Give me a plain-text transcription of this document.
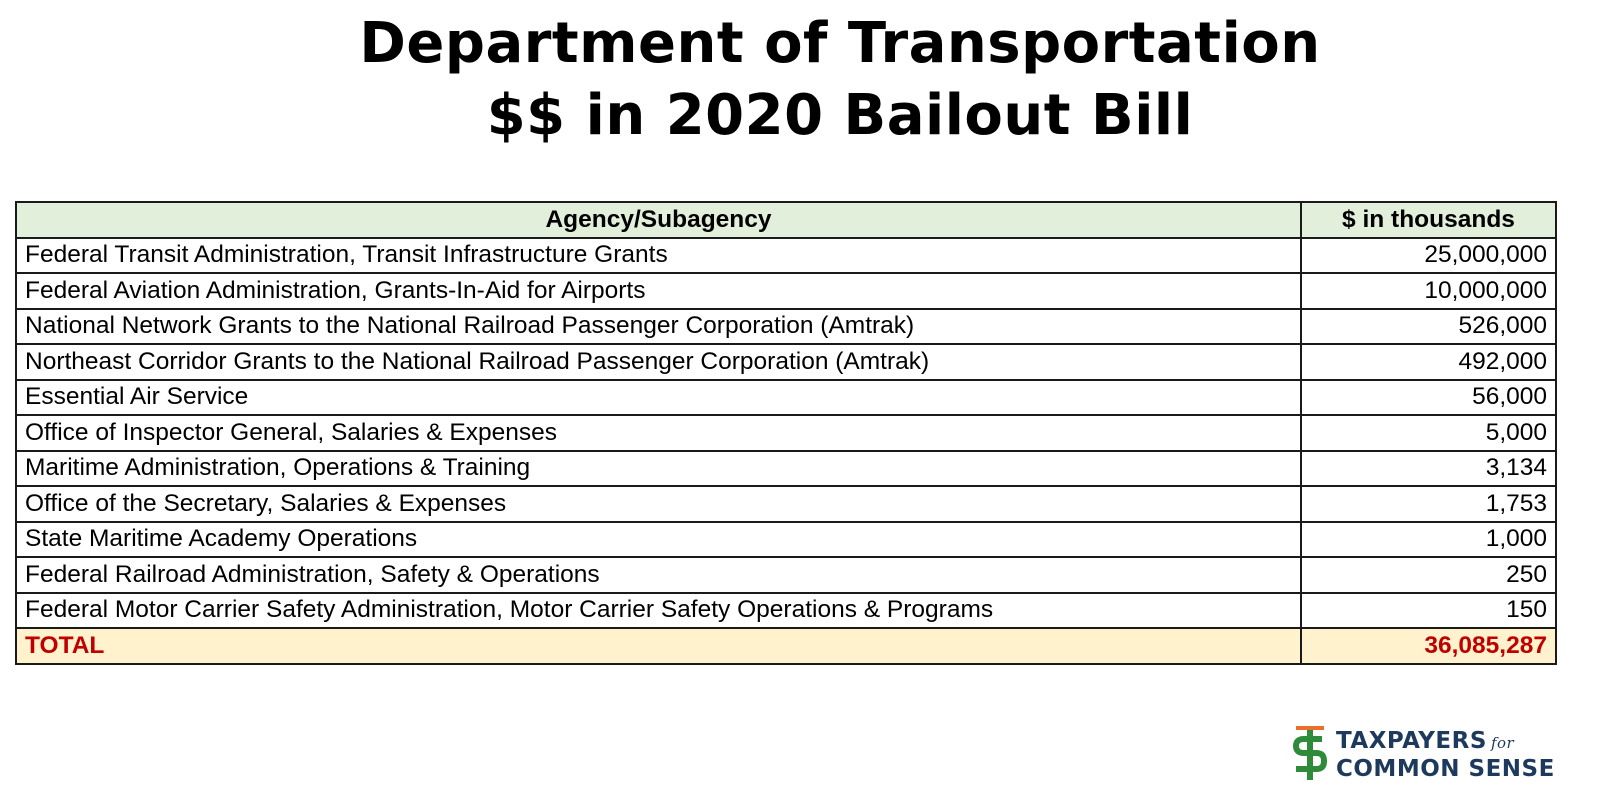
Department of Transportation
$$ in 2020 Bailout Bill
Agency/Subagency	$ in thousands
Federal Transit Administration, Transit Infrastructure Grants	25,000,000
Federal Aviation Administration, Grants-In-Aid for Airports	10,000,000
National Network Grants to the National Railroad Passenger Corporation (Amtrak)	526,000
Northeast Corridor Grants to the National Railroad Passenger Corporation (Amtrak)	492,000
Essential Air Service	56,000
Office of Inspector General, Salaries & Expenses	5,000
Maritime Administration, Operations & Training	3,134
Office of the Secretary, Salaries & Expenses	1,753
State Maritime Academy Operations	1,000
Federal Railroad Administration, Safety & Operations	250
Federal Motor Carrier Safety Administration, Motor Carrier Safety Operations & Programs	150
TOTAL	36,085,287
TAXPAYERS for
COMMON SENSE
